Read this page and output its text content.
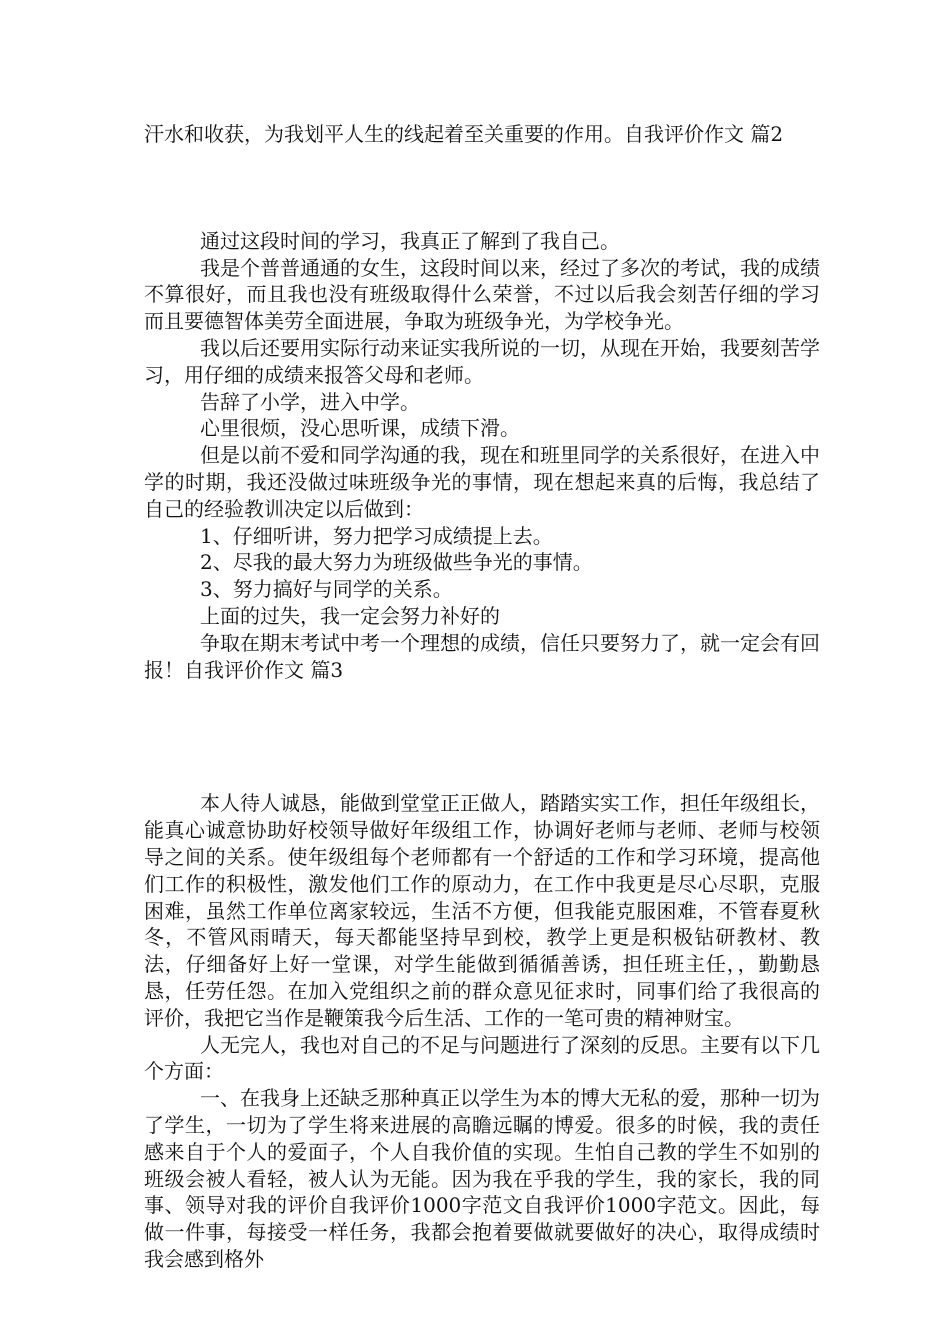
汗水和收获，为我划平人生的线起着至关重要的作用。自我评价作文 篇2

通过这段时间的学习，我真正了解到了我自己。

我是个普普通通的女生，这段时间以来，经过了多次的考试，我的成绩不算很好，而且我也没有班级取得什么荣誉，不过以后我会刻苦仔细的学习而且要德智体美劳全面进展，争取为班级争光，为学校争光。

我以后还要用实际行动来证实我所说的一切，从现在开始，我要刻苦学习，用仔细的成绩来报答父母和老师。

告辞了小学，进入中学。

心里很烦，没心思听课，成绩下滑。

但是以前不爱和同学沟通的我，现在和班里同学的关系很好，在进入中学的时期，我还没做过味班级争光的事情，现在想起来真的后悔，我总结了自己的经验教训决定以后做到：

1、仔细听讲，努力把学习成绩提上去。

2、尽我的最大努力为班级做些争光的事情。

3、努力搞好与同学的关系。

上面的过失，我一定会努力补好的

争取在期末考试中考一个理想的成绩，信任只要努力了，就一定会有回报！自我评价作文 篇3

本人待人诚恳，能做到堂堂正正做人，踏踏实实工作，担任年级组长，能真心诚意协助好校领导做好年级组工作，协调好老师与老师、老师与校领导之间的关系。使年级组每个老师都有一个舒适的工作和学习环境，提高他们工作的积极性，激发他们工作的原动力，在工作中我更是尽心尽职，克服困难，虽然工作单位离家较远，生活不方便，但我能克服困难，不管春夏秋冬，不管风雨晴天，每天都能坚持早到校，教学上更是积极钻研教材、教法，仔细备好上好一堂课，对学生能做到循循善诱，担任班主任，，勤勤恳恳，任劳任怨。在加入党组织之前的群众意见征求时，同事们给了我很高的评价，我把它当作是鞭策我今后生活、工作的一笔可贵的精神财宝。

人无完人，我也对自己的不足与问题进行了深刻的反思。主要有以下几个方面：

一、在我身上还缺乏那种真正以学生为本的博大无私的爱，那种一切为了学生，一切为了学生将来进展的高瞻远瞩的博爱。很多的时候，我的责任感来自于个人的爱面子，个人自我价值的实现。生怕自己教的学生不如别的班级会被人看轻，被人认为无能。因为我在乎我的学生，我的家长，我的同事、领导对我的评价自我评价1000字范文自我评价1000字范文。因此，每做一件事，每接受一样任务，我都会抱着要做就要做好的决心，取得成绩时我会感到格外
